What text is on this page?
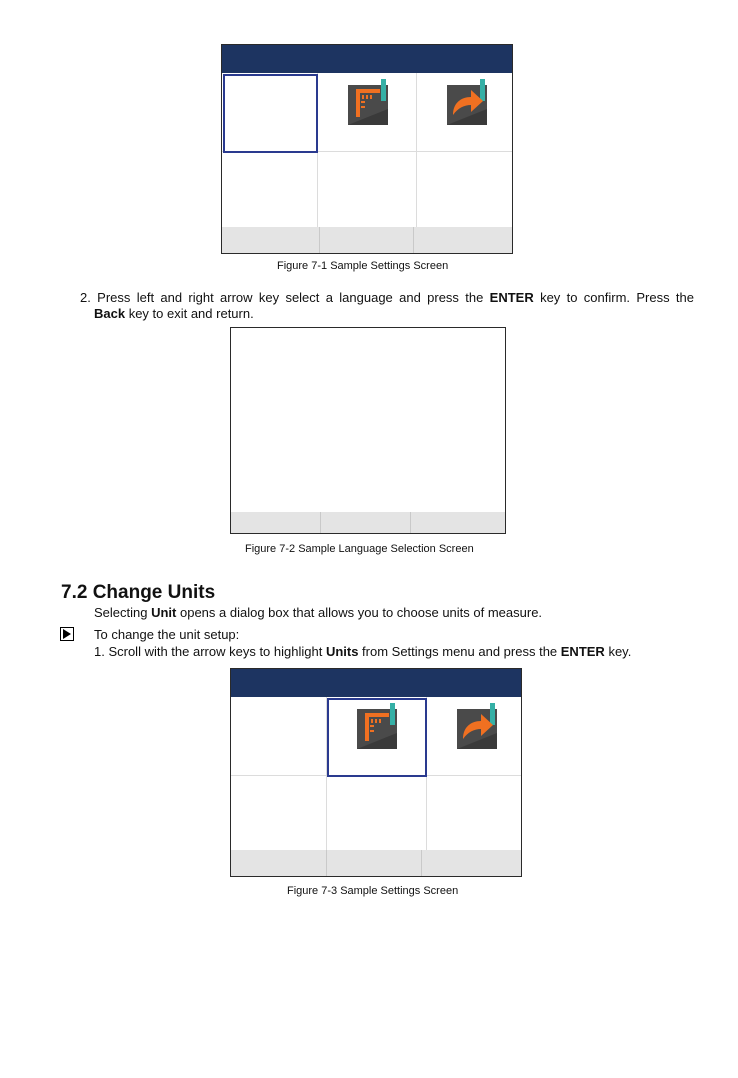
Figure 7-1 Sample Settings Screen
2. Press left and right arrow key select a language and press the ENTER key to confirm. Press the
Back key to exit and return.
Figure 7-2 Sample Language Selection Screen
7.2 Change Units
Selecting Unit opens a dialog box that allows you to choose units of measure.
To change the unit setup:
1. Scroll with the arrow keys to highlight Units from Settings menu and press the ENTER key.
Figure 7-3 Sample Settings Screen
